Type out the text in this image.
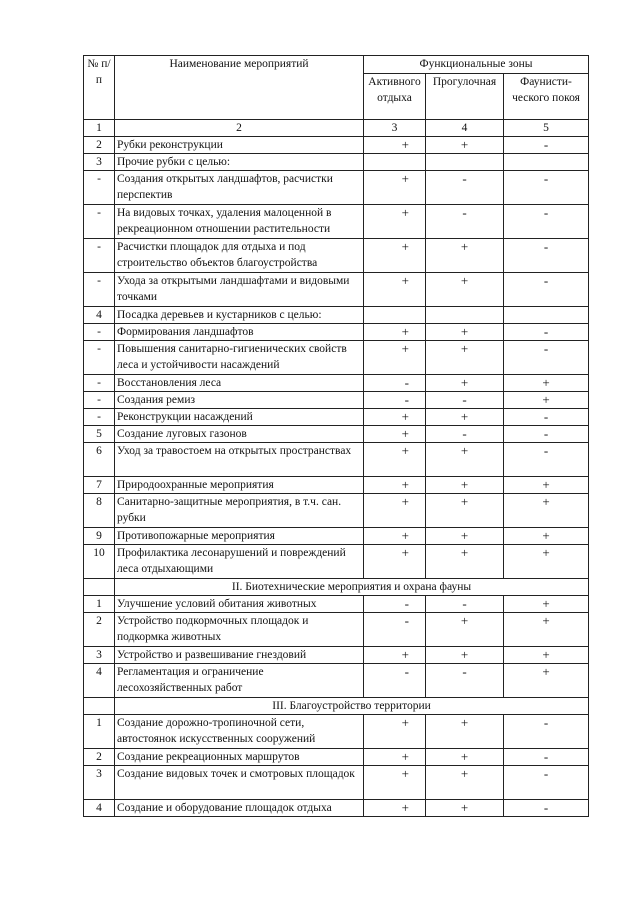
№ п/п	Наименование мероприятий	Функциональные зоны		
		Активного отдыха	Прогулочная	Фаунисти-ческого покоя
1	2	3	4	5
2	Рубки реконструкции	+	+	-
3	Прочие рубки с целью:			
-	Создания открытых ландшафтов, расчистки перспектив	+	-	-
-	На видовых точках, удаления малоценной в рекреационном отношении растительности	+	-	-
-	Расчистки площадок для отдыха и под строительство объектов благоустройства	+	+	-
-	Ухода за открытыми ландшафтами и видовыми точками	+	+	-
4	Посадка деревьев и кустарников с целью:			
-	Формирования ландшафтов	+	+	-
-	Повышения санитарно-гигиенических свойств леса и устойчивости насаждений	+	+	-
-	Восстановления леса	-	+	+
-	Создания ремиз	-	-	+
-	Реконструкции насаждений	+	+	-
5	Создание луговых газонов	+	-	-
6	Уход за травостоем на открытых пространствах	+	+	-
7	Природоохранные мероприятия	+	+	+
8	Санитарно-защитные мероприятия, в т.ч. сан. рубки	+	+	+
9	Противопожарные мероприятия	+	+	+
10	Профилактика лесонарушений и повреждений леса отдыхающими	+	+	+
	II. Биотехнические мероприятия и охрана фауны			
1	Улучшение условий обитания животных	-	-	+
2	Устройство подкормочных площадок и подкормка животных	-	+	+
3	Устройство и развешивание гнездовий	+	+	+
4	Регламентация и ограничение лесохозяйственных работ	-	-	+
	III. Благоустройство территории			
1	Создание дорожно-тропиночной сети, автостоянок искусственных сооружений	+	+	-
2	Создание рекреационных маршрутов	+	+	-
3	Создание видовых точек и смотровых площадок	+	+	-
4	Создание и оборудование площадок отдыха	+	+	-
